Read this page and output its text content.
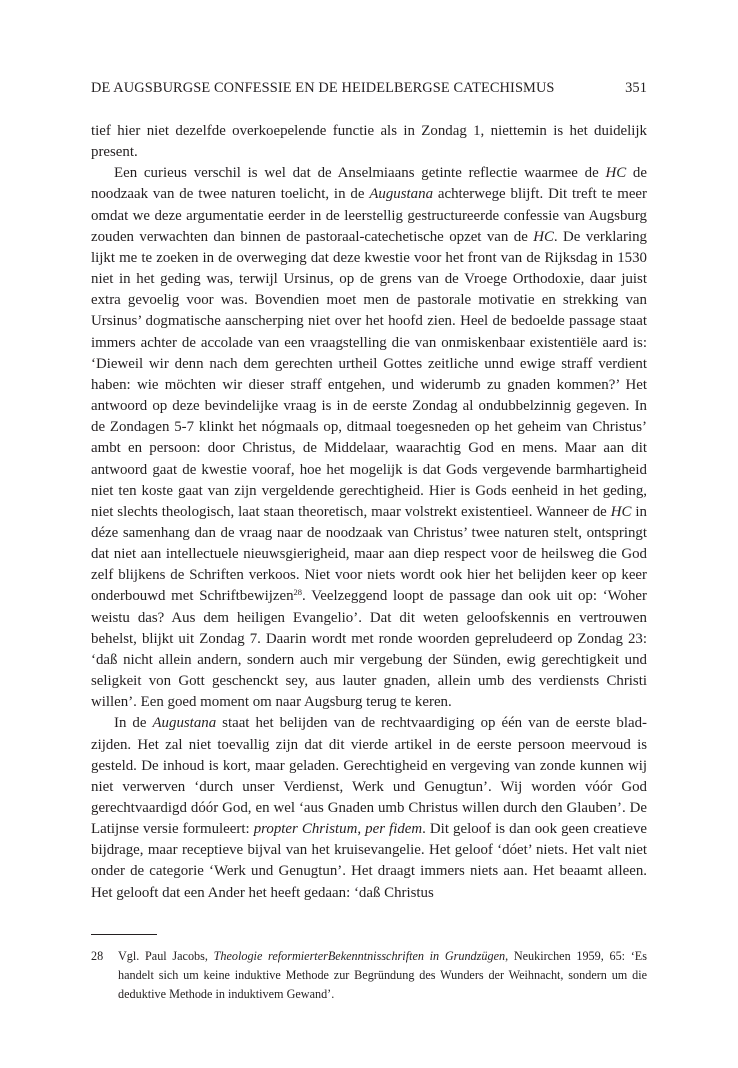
DE AUGSBURGSE CONFESSIE EN DE HEIDELBERGSE CATECHISMUS	351

tief hier niet dezelfde overkoepelende functie als in Zondag 1, niettemin is het duidelijk present.

Een curieus verschil is wel dat de Anselmiaans getinte reflectie waarmee de HC de noodzaak van de twee naturen toelicht, in de Augustana achterwege blijft. Dit treft te meer omdat we deze argumentatie eerder in de leerstellig gestructureerde confessie van Augsburg zouden verwachten dan binnen de pastoraal-catechetische opzet van de HC. De verklaring lijkt me te zoeken in de overweging dat deze kwestie voor het front van de Rijksdag in 1530 niet in het geding was, terwijl Ursinus, op de grens van de Vroege Orthodoxie, daar juist extra gevoelig voor was. Bovendien moet men de pastorale motivatie en strekking van Ursinus’ dogmatische aanscherping niet over het hoofd zien. Heel de bedoelde passage staat immers achter de accolade van een vraagstelling die van onmiskenbaar existentiële aard is: ‘Dieweil wir denn nach dem gerechten urtheil Gottes zeitliche unnd ewige straff verdient haben: wie möchten wir dieser straff entgehen, und widerumb zu gnaden kommen?’ Het antwoord op deze bevindelijke vraag is in de eerste Zondag al ondubbelzinnig gegeven. In de Zondagen 5-7 klinkt het nógmaals op, ditmaal toegesneden op het geheim van Christus’ ambt en persoon: door Christus, de Middelaar, waarachtig God en mens. Maar aan dit antwoord gaat de kwestie vooraf, hoe het mogelijk is dat Gods vergevende barmhartigheid niet ten koste gaat van zijn vergeldende gerechtigheid. Hier is Gods eenheid in het geding, niet slechts theologisch, laat staan theoretisch, maar volstrekt existentieel. Wanneer de HC in déze samenhang dan de vraag naar de noodzaak van Christus’ twee naturen stelt, ontspringt dat niet aan intellectuele nieuwsgierigheid, maar aan diep respect voor de heilsweg die God zelf blijkens de Schriften verkoos. Niet voor niets wordt ook hier het belijden keer op keer onderbouwd met Schriftbewijzen$^{28}$. Veelzeggend loopt de passage dan ook uit op: ‘Woher weistu das? Aus dem heiligen Evangelio’. Dat dit weten geloofskennis en vertrouwen behelst, blijkt uit Zondag 7. Daarin wordt met ronde woorden gepreludeerd op Zondag 23: ‘daß nicht allein andern, sondern auch mir vergebung der Sünden, ewig gerechtigkeit und seligkeit von Gott geschenckt sey, aus lauter gnaden, allein umb des verdiensts Christi willen’. Een goed moment om naar Augsburg terug te keren.

In de Augustana staat het belijden van de rechtvaardiging op één van de eerste bladzijden. Het zal niet toevallig zijn dat dit vierde artikel in de eerste persoon meervoud is gesteld. De inhoud is kort, maar geladen. Gerechtigheid en vergeving van zonde kunnen wij niet verwerven ‘durch unser Verdienst, Werk und Genugtun’. Wij worden vóór God gerechtvaardigd dóór God, en wel ‘aus Gnaden umb Christus willen durch den Glauben’. De Latijnse versie formuleert: propter Christum, per fidem. Dit geloof is dan ook geen creatieve bijdrage, maar receptieve bijval van het kruisevangelie. Het geloof ‘dóet’ niets. Het valt niet onder de categorie ‘Werk und Genugtun’. Het draagt immers niets aan. Het beaamt alleen. Het gelooft dat een Ander het heeft gedaan: ‘daß Christus

28 Vgl. Paul Jacobs, Theologie reformierterBekenntnisschriften in Grundzügen, Neukirchen 1959, 65: ‘Es handelt sich um keine induktive Methode zur Begründung des Wunders der Weihnacht, sondern um die deduktive Methode in induktivem Gewand’.
